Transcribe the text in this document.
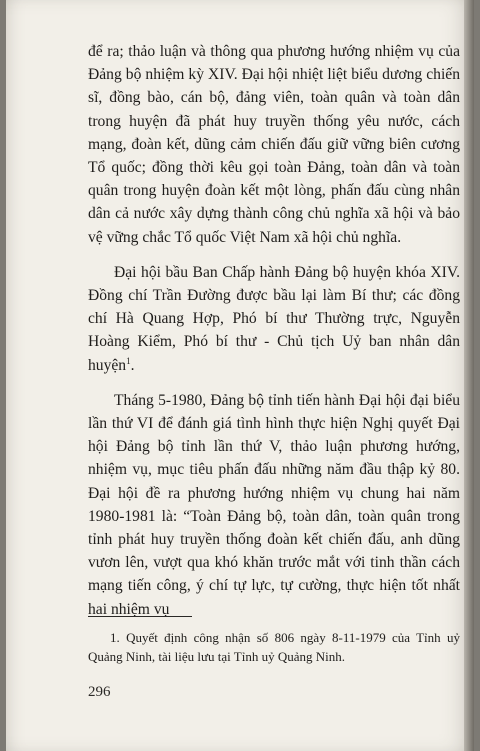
để ra; thảo luận và thông qua phương hướng nhiệm vụ của Đảng bộ nhiệm kỳ XIV. Đại hội nhiệt liệt biểu dương chiến sĩ, đồng bào, cán bộ, đảng viên, toàn quân và toàn dân trong huyện đã phát huy truyền thống yêu nước, cách mạng, đoàn kết, dũng cảm chiến đấu giữ vững biên cương Tổ quốc; đồng thời kêu gọi toàn Đảng, toàn dân và toàn quân trong huyện đoàn kết một lòng, phấn đấu cùng nhân dân cả nước xây dựng thành công chủ nghĩa xã hội và bảo vệ vững chắc Tổ quốc Việt Nam xã hội chủ nghĩa.

Đại hội bầu Ban Chấp hành Đảng bộ huyện khóa XIV. Đồng chí Trần Đường được bầu lại làm Bí thư; các đồng chí Hà Quang Hợp, Phó bí thư Thường trực, Nguyễn Hoàng Kiểm, Phó bí thư - Chủ tịch Uỷ ban nhân dân huyện$^1$.

Tháng 5-1980, Đảng bộ tỉnh tiến hành Đại hội đại biểu lần thứ VI để đánh giá tình hình thực hiện Nghị quyết Đại hội Đảng bộ tỉnh lần thứ V, thảo luận phương hướng, nhiệm vụ, mục tiêu phấn đấu những năm đầu thập kỷ 80. Đại hội đề ra phương hướng nhiệm vụ chung hai năm 1980-1981 là: “Toàn Đảng bộ, toàn dân, toàn quân trong tỉnh phát huy truyền thống đoàn kết chiến đấu, anh dũng vươn lên, vượt qua khó khăn trước mắt với tinh thần cách mạng tiến công, ý chí tự lực, tự cường, thực hiện tốt nhất hai nhiệm vụ

1. Quyết định công nhận số 806 ngày 8-11-1979 của Tỉnh uỷ Quảng Ninh, tài liệu lưu tại Tỉnh uỷ Quảng Ninh.

296
